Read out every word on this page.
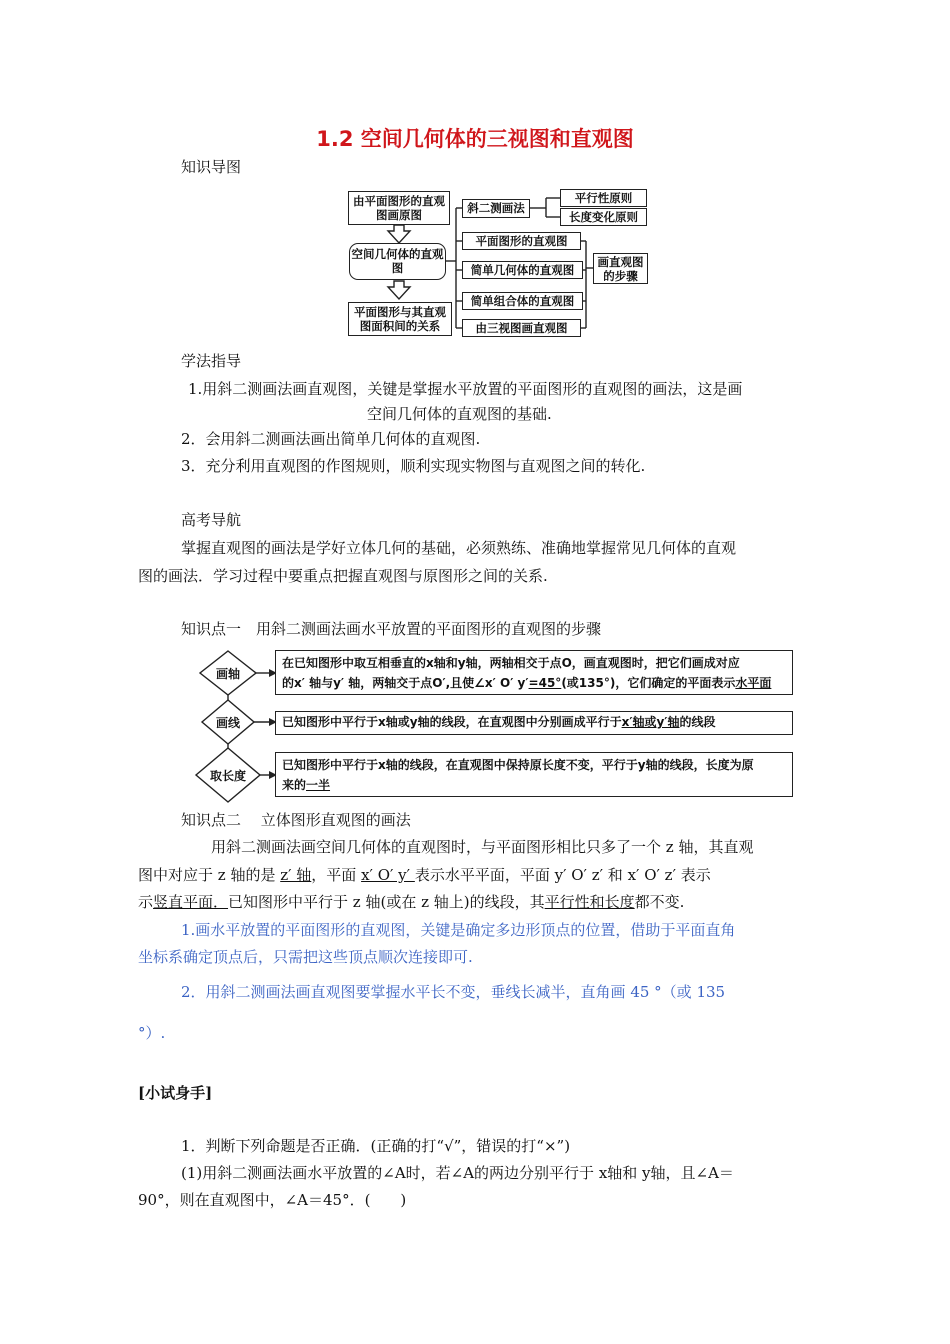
1.2 空间几何体的三视图和直观图
知识导图
由平面图形的直观图画原图
空间几何体的直观图
平面图形与其直观图面积间的关系
斜二测画法
平行性原则
长度变化原则
平面图形的直观图
简单几何体的直观图
简单组合体的直观图
由三视图画直观图
画直观图的步骤
学法指导
1.用斜二测画法画直观图，关键是掌握水平放置的平面图形的直观图的画法，这是画
空间几何体的直观图的基础.
2．会用斜二测画法画出简单几何体的直观图.
3．充分利用直观图的作图规则，顺利实现实物图与直观图之间的转化.
高考导航
掌握直观图的画法是学好立体几何的基础，必须熟练、准确地掌握常见几何体的直观
图的画法．学习过程中要重点把握直观图与原图形之间的关系.
知识点一　用斜二测画法画水平放置的平面图形的直观图的步骤
画轴
画线
取长度
在已知图形中取互相垂直的x轴和y轴，两轴相交于点O，画直观图时，把它们画成对应
的x′ 轴与y′ 轴，两轴交于点O′,且使∠x′ O′ y′=45°(或135°)，它们确定的平面表示水平面
已知图形中平行于x轴或y轴的线段，在直观图中分别画成平行于x′轴或y′轴的线段
已知图形中平行于x轴的线段，在直观图中保持原长度不变，平行于y轴的线段，长度为原
来的一半
知识点二　 立体图形直观图的画法
用斜二测画法画空间几何体的直观图时，与平面图形相比只多了一个 z 轴，其直观
图中对应于 z 轴的是 z′ 轴，平面 x′ O′ y′ 表示水平平面，平面 y′ O′ z′ 和 x′ O′ z′ 表示
示竖直平面．已知图形中平行于 z 轴(或在 z 轴上)的线段，其平行性和长度都不变.
1.画水平放置的平面图形的直观图，关键是确定多边形顶点的位置，借助于平面直角
坐标系确定顶点后，只需把这些顶点顺次连接即可.
2．用斜二测画法画直观图要掌握水平长不变，垂线长减半，直角画 45 °（或 135
°）.
[小试身手]
1．判断下列命题是否正确．(正确的打“√”，错误的打“×”)
(1)用斜二测画法画水平放置的∠A时，若∠A的两边分别平行于 x轴和 y轴，且∠A＝
90°，则在直观图中，∠A＝45°．(　　)
